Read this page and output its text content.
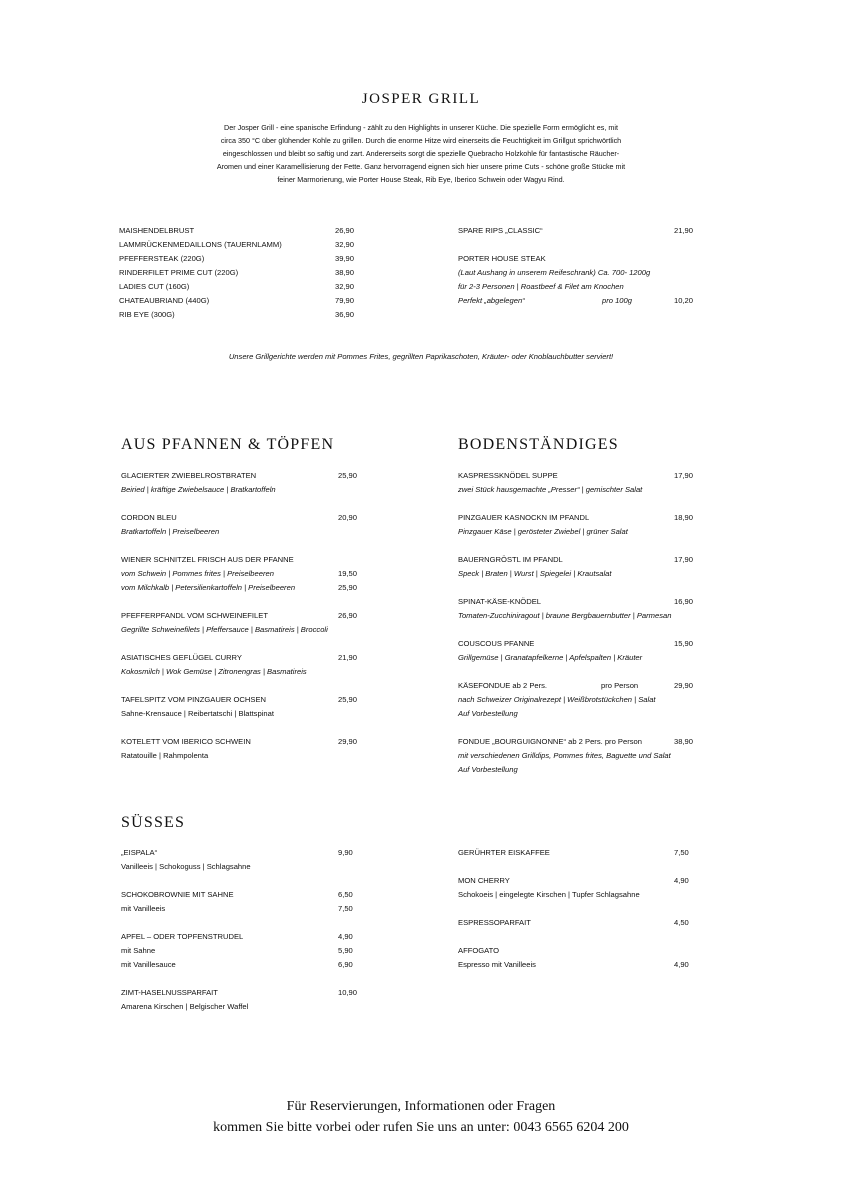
JOSPER GRILL
Der Josper Grill - eine spanische Erfindung - zählt zu den Highlights in unserer Küche. Die spezielle Form ermöglicht es, mit
circa 350 °C über glühender Kohle zu grillen. Durch die enorme Hitze wird einerseits die Feuchtigkeit im Grillgut sprichwörtlich
eingeschlossen und bleibt so saftig und zart. Andererseits sorgt die spezielle Quebracho Holzkohle für fantastische Räucher-
Aromen und einer Karamellisierung der Fette. Ganz hervorragend eignen sich hier unsere prime Cuts - schöne große Stücke mit
feiner Marmorierung, wie Porter House Steak, Rib Eye, Iberico Schwein oder Wagyu Rind.
MAISHENDELBRUST	26,90
LAMMRÜCKENMEDAILLONS (TAUERNLAMM)	32,90
PFEFFERSTEAK (220G)	39,90
RINDERFILET PRIME CUT (220G)	38,90
LADIES CUT (160G)	32,90
CHATEAUBRIAND (440G)	79,90
RIB EYE (300G)	36,90
SPARE RIPS „CLASSIC“	21,90
PORTER HOUSE STEAK
(Laut Aushang in unserem Reifeschrank) Ca. 700- 1200g
für 2-3 Personen | Roastbeef & Filet am Knochen
Perfekt „abgelegen“	pro 100g	10,20
Unsere Grillgerichte werden mit Pommes Frites, gegrillten Paprikaschoten, Kräuter- oder Knoblauchbutter serviert!
AUS PFANNEN & TÖPFEN
GLACIERTER ZWIEBELROSTBRATEN	25,90
Beiried | kräftige Zwiebelsauce | Bratkartoffeln
CORDON BLEU	20,90
Bratkartoffeln | Preiselbeeren
WIENER SCHNITZEL FRISCH AUS DER PFANNE
vom Schwein | Pommes frites | Preiselbeeren	19,50
vom Milchkalb | Petersilienkartoffeln | Preiselbeeren	25,90
PFEFFERPFANDL VOM SCHWEINEFILET	26,90
Gegrillte Schweinefilets | Pfeffersauce | Basmatireis | Broccoli
ASIATISCHES GEFLÜGEL CURRY	21,90
Kokosmilch | Wok Gemüse | Zitronengras | Basmatireis
TAFELSPITZ VOM PINZGAUER OCHSEN	25,90
Sahne-Krensauce | Reibertatschi | Blattspinat
KOTELETT VOM IBERICO SCHWEIN	29,90
Ratatouille | Rahmpolenta
BODENSTÄNDIGES
KASPRESSKNÖDEL SUPPE	17,90
zwei Stück hausgemachte „Presser“ | gemischter Salat
PINZGAUER KASNOCKN IM PFANDL	18,90
Pinzgauer Käse | gerösteter Zwiebel | grüner Salat
BAUERNGRÖSTL IM PFANDL	17,90
Speck | Braten | Wurst | Spiegelei | Krautsalat
SPINAT-KÄSE-KNÖDEL	16,90
Tomaten-Zucchiniragout | braune Bergbauernbutter | Parmesan
COUSCOUS PFANNE	15,90
Grillgemüse | Granatapfelkerne | Apfelspalten | Kräuter
KÄSEFONDUE ab 2 Pers.	pro Person	29,90
nach Schweizer Originalrezept | Weißbrotstückchen | Salat
Auf Vorbestellung
FONDUE „BOURGUIGNONNE“ ab 2 Pers. pro Person	38,90
mit verschiedenen Grilldips, Pommes frites, Baguette und Salat
Auf Vorbestellung
SÜSSES
„EISPALA“	9,90
Vanilleeis | Schokoguss | Schlagsahne
SCHOKOBROWNIE MIT SAHNE	6,50
mit Vanilleeis	7,50
APFEL – ODER TOPFENSTRUDEL	4,90
mit Sahne	5,90
mit Vanillesauce	6,90
ZIMT-HASELNUSSPARFAIT	10,90
Amarena Kirschen | Belgischer Waffel
GERÜHRTER EISKAFFEE	7,50
MON CHERRY	4,90
Schokoeis | eingelegte Kirschen | Tupfer Schlagsahne
ESPRESSOPARFAIT	4,50
AFFOGATO
Espresso mit Vanilleeis	4,90
Für Reservierungen, Informationen oder Fragen
kommen Sie bitte vorbei oder rufen Sie uns an unter: 0043 6565 6204 200
